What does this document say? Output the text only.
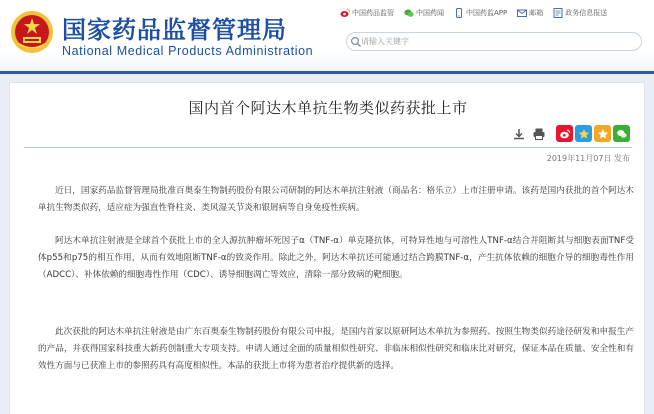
国家药品监督管理局
National Medical Products Administration
中国药品监管	中国药闻	中国药监APP	邮箱	政务信息报送
请输入关键字
国内首个阿达木单抗生物类似药获批上市
2019年11月07日 发布

近日，国家药品监督管理局批准百奥泰生物制药股份有限公司研制的阿达木单抗注射液（商品名：格乐立）上市注册申请。该药是国内获批的首个阿达木单抗生物类似药，适应症为强直性脊柱炎、类风湿关节炎和银屑病等自身免疫性疾病。

阿达木单抗注射液是全球首个获批上市的全人源抗肿瘤坏死因子α（TNF-α）单克隆抗体，可特异性地与可溶性人TNF-α结合并阻断其与细胞表面TNF受体p55和p75的相互作用，从而有效地阻断TNF-α的致炎作用。除此之外，阿达木单抗还可能通过结合跨膜TNF-α，产生抗体依赖的细胞介导的细胞毒性作用（ADCC）、补体依赖的细胞毒性作用（CDC）、诱导细胞凋亡等效应，清除一部分致病的靶细胞。

此次获批的阿达木单抗注射液是由广东百奥泰生物制药股份有限公司申报，是国内首家以原研阿达木单抗为参照药、按照生物类似药途径研发和申报生产的产品，并获得国家科技重大新药创制重大专项支持。申请人通过全面的质量相似性研究、非临床相似性研究和临床比对研究，保证本品在质量、安全性和有效性方面与已获准上市的参照药具有高度相似性。本品的获批上市将为患者治疗提供新的选择。
